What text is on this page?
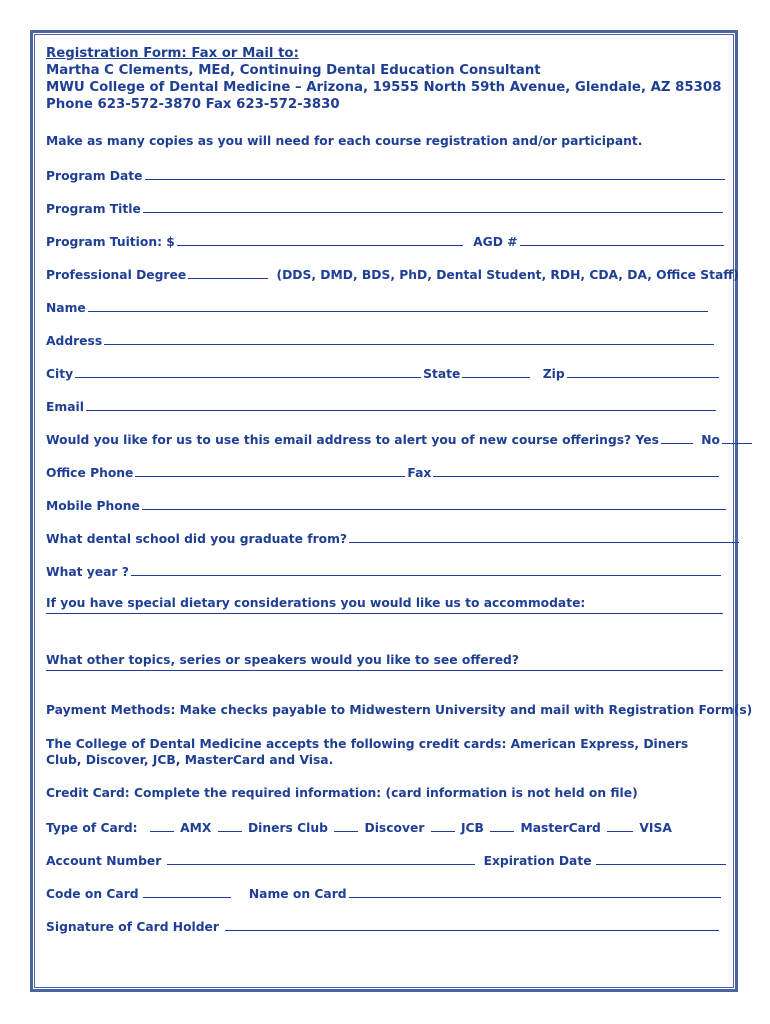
Registration Form: Fax or Mail to:
Martha C Clements, MEd, Continuing Dental Education Consultant
MWU College of Dental Medicine – Arizona, 19555 North 59th Avenue, Glendale, AZ 85308
Phone 623-572-3870 Fax 623-572-3830
Make as many copies as you will need for each course registration and/or participant.
Program Date
Program Title
Program Tuition: $	AGD #
Professional Degree	(DDS, DMD, BDS, PhD, Dental Student, RDH, CDA, DA, Office Staff)
Name
Address
City	State	Zip
Email
Would you like for us to use this email address to alert you of new course offerings? Yes	No
Office Phone	Fax
Mobile Phone
What dental school did you graduate from?
What year ?
If you have special dietary considerations you would like us to accommodate:
What other topics, series or speakers would you like to see offered?
Payment Methods: Make checks payable to Midwestern University and mail with Registration Form(s)
The College of Dental Medicine accepts the following credit cards: American Express, Diners Club, Discover, JCB, MasterCard and Visa.
Credit Card: Complete the required information: (card information is not held on file)
Type of Card:	AMX	Diners Club	Discover	JCB	MasterCard	VISA
Account Number	Expiration Date
Code on Card	Name on Card
Signature of Card Holder
